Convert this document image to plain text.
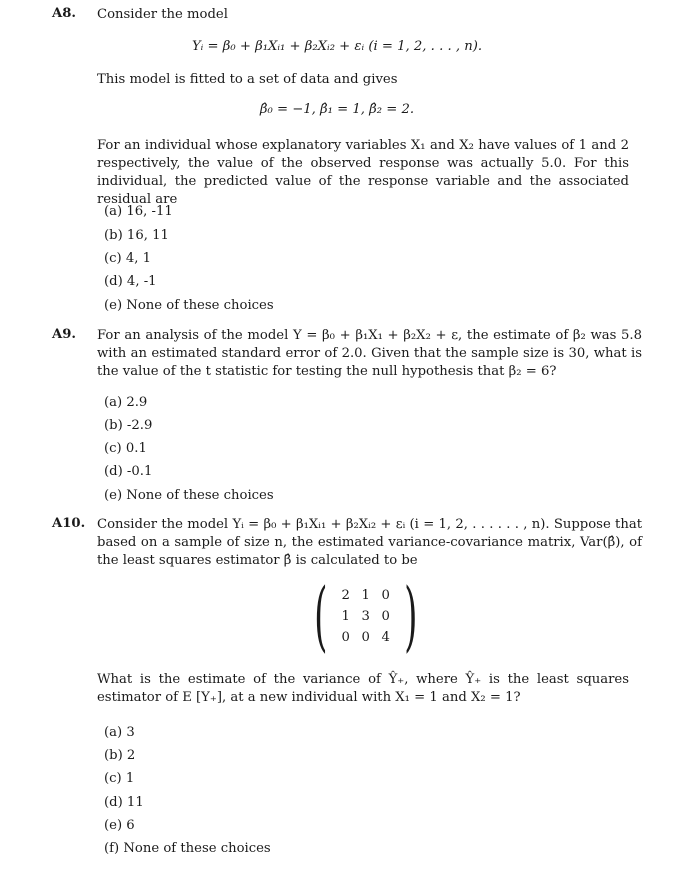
A8. Consider the model
Yᵢ = β₀ + β₁Xᵢ₁ + β₂Xᵢ₂ + εᵢ (i = 1, 2, . . . , n).
This model is fitted to a set of data and gives
β̂₀ = −1, β̂₁ = 1, β̂₂ = 2.
For an individual whose explanatory variables X₁ and X₂ have values of 1 and 2 respectively, the value of the observed response was actually 5.0. For this individual, the predicted value of the response variable and the associated residual are
(a) 16, -11
(b) 16, 11
(c) 4, 1
(d) 4, -1
(e) None of these choices
A9. For an analysis of the model Y = β₀ + β₁X₁ + β₂X₂ + ε, the estimate of β₂ was 5.8 with an estimated standard error of 2.0. Given that the sample size is 30, what is the value of the t statistic for testing the null hypothesis that β₂ = 6?
(a) 2.9
(b) -2.9
(c) 0.1
(d) -0.1
(e) None of these choices
A10. Consider the model Yᵢ = β₀ + β₁Xᵢ₁ + β₂Xᵢ₂ + εᵢ (i = 1, 2, . . . . . . , n). Suppose that based on a sample of size n, the estimated variance-covariance matrix, Var(β̂), of the least squares estimator β̂ is calculated to be
(	2 1 0
1 3 0
0 0 4 )
What is the estimate of the variance of Ŷ₊, where Ŷ₊ is the least squares estimator of E [Y₊], at a new individual with X₁ = 1 and X₂ = 1?
(a) 3
(b) 2
(c) 1
(d) 11
(e) 6
(f) None of these choices
